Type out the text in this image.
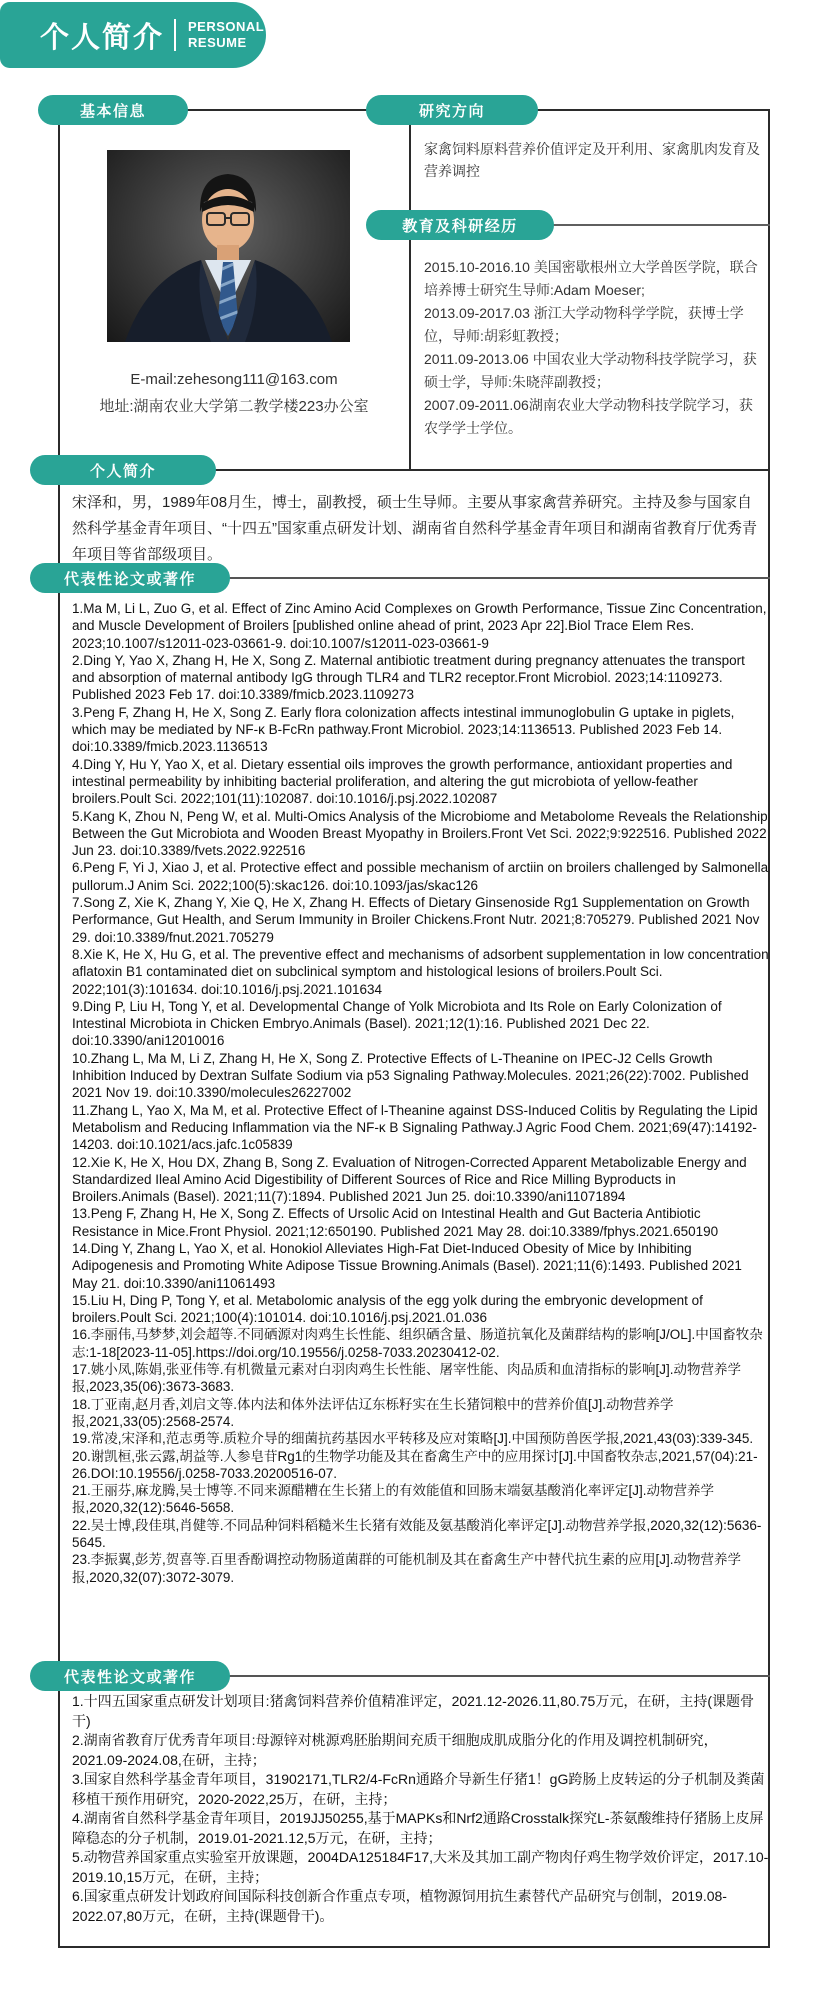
个人简介 PERSONAL
RESUME
基本信息	研究方向
教育及科研经历
个人简介
代表性论文或著作
代表性论文或著作
E-mail:zehesong111@163.com
地址:湖南农业大学第二教学楼223办公室
家禽饲料原料营养价值评定及开利用、家禽肌肉发育及营养调控
2015.10-2016.10 美国密歇根州立大学兽医学院，联合培养博士研究生导师:Adam Moeser;
2013.09-2017.03 浙江大学动物科学学院，获博士学位，导师:胡彩虹教授；
2011.09-2013.06 中国农业大学动物科技学院学习，获硕士学，导师:朱晓萍副教授；
2007.09-2011.06湖南农业大学动物科技学院学习，获农学学士学位。
宋泽和，男，1989年08月生，博士，副教授，硕士生导师。主要从事家禽营养研究。主持及参与国家自然科学基金青年项目、“十四五”国家重点研发计划、湖南省自然科学基金青年项目和湖南省教育厅优秀青年项目等省部级项目。
1.Ma M, Li L, Zuo G, et al. Effect of Zinc Amino Acid Complexes on Growth Performance, Tissue Zinc Concentration, and Muscle Development of Broilers [published online ahead of print, 2023 Apr 22].Biol Trace Elem Res. 2023;10.1007/s12011-023-03661-9. doi:10.1007/s12011-023-03661-9
2.Ding Y, Yao X, Zhang H, He X, Song Z. Maternal antibiotic treatment during pregnancy attenuates the transport and absorption of maternal antibody IgG through TLR4 and TLR2 receptor.Front Microbiol. 2023;14:1109273. Published 2023 Feb 17. doi:10.3389/fmicb.2023.1109273
3.Peng F, Zhang H, He X, Song Z. Early flora colonization affects intestinal immunoglobulin G uptake in piglets, which may be mediated by NF-κ B-FcRn pathway.Front Microbiol. 2023;14:1136513. Published 2023 Feb 14. doi:10.3389/fmicb.2023.1136513
4.Ding Y, Hu Y, Yao X, et al. Dietary essential oils improves the growth performance, antioxidant properties and intestinal permeability by inhibiting bacterial proliferation, and altering the gut microbiota of yellow-feather broilers.Poult Sci. 2022;101(11):102087. doi:10.1016/j.psj.2022.102087
5.Kang K, Zhou N, Peng W, et al. Multi-Omics Analysis of the Microbiome and Metabolome Reveals the Relationship Between the Gut Microbiota and Wooden Breast Myopathy in Broilers.Front Vet Sci. 2022;9:922516. Published 2022 Jun 23. doi:10.3389/fvets.2022.922516
6.Peng F, Yi J, Xiao J, et al. Protective effect and possible mechanism of arctiin on broilers challenged by Salmonella pullorum.J Anim Sci. 2022;100(5):skac126. doi:10.1093/jas/skac126
7.Song Z, Xie K, Zhang Y, Xie Q, He X, Zhang H. Effects of Dietary Ginsenoside Rg1 Supplementation on Growth Performance, Gut Health, and Serum Immunity in Broiler Chickens.Front Nutr. 2021;8:705279. Published 2021 Nov 29. doi:10.3389/fnut.2021.705279
8.Xie K, He X, Hu G, et al. The preventive effect and mechanisms of adsorbent supplementation in low concentration aflatoxin B1 contaminated diet on subclinical symptom and histological lesions of broilers.Poult Sci. 2022;101(3):101634. doi:10.1016/j.psj.2021.101634
9.Ding P, Liu H, Tong Y, et al. Developmental Change of Yolk Microbiota and Its Role on Early Colonization of Intestinal Microbiota in Chicken Embryo.Animals (Basel). 2021;12(1):16. Published 2021 Dec 22. doi:10.3390/ani12010016
10.Zhang L, Ma M, Li Z, Zhang H, He X, Song Z. Protective Effects of L-Theanine on IPEC-J2 Cells Growth Inhibition Induced by Dextran Sulfate Sodium via p53 Signaling Pathway.Molecules. 2021;26(22):7002. Published 2021 Nov 19. doi:10.3390/molecules26227002
11.Zhang L, Yao X, Ma M, et al. Protective Effect of l-Theanine against DSS-Induced Colitis by Regulating the Lipid Metabolism and Reducing Inflammation via the NF-κ B Signaling Pathway.J Agric Food Chem. 2021;69(47):14192-14203. doi:10.1021/acs.jafc.1c05839
12.Xie K, He X, Hou DX, Zhang B, Song Z. Evaluation of Nitrogen-Corrected Apparent Metabolizable Energy and Standardized Ileal Amino Acid Digestibility of Different Sources of Rice and Rice Milling Byproducts in Broilers.Animals (Basel). 2021;11(7):1894. Published 2021 Jun 25. doi:10.3390/ani11071894
13.Peng F, Zhang H, He X, Song Z. Effects of Ursolic Acid on Intestinal Health and Gut Bacteria Antibiotic Resistance in Mice.Front Physiol. 2021;12:650190. Published 2021 May 28. doi:10.3389/fphys.2021.650190
14.Ding Y, Zhang L, Yao X, et al. Honokiol Alleviates High-Fat Diet-Induced Obesity of Mice by Inhibiting Adipogenesis and Promoting White Adipose Tissue Browning.Animals (Basel). 2021;11(6):1493. Published 2021 May 21. doi:10.3390/ani11061493
15.Liu H, Ding P, Tong Y, et al. Metabolomic analysis of the egg yolk during the embryonic development of broilers.Poult Sci. 2021;100(4):101014. doi:10.1016/j.psj.2021.01.036
16.李丽伟,马梦梦,刘会超等.不同硒源对肉鸡生长性能、组织硒含量、肠道抗氧化及菌群结构的影响[J/OL].中国畜牧杂志:1-18[2023-11-05].https://doi.org/10.19556/j.0258-7033.20230412-02.
17.姚小凤,陈娟,张亚伟等.有机微量元素对白羽肉鸡生长性能、屠宰性能、肉品质和血清指标的影响[J].动物营养学报,2023,35(06):3673-3683.
18.丁亚南,赵月香,刘启文等.体内法和体外法评估辽东栎籽实在生长猪饲粮中的营养价值[J].动物营养学报,2021,33(05):2568-2574.
19.常凌,宋泽和,范志勇等.质粒介导的细菌抗药基因水平转移及应对策略[J].中国预防兽医学报,2021,43(03):339-345.
20.谢凯桓,张云露,胡益等.人参皂苷Rg1的生物学功能及其在畜禽生产中的应用探讨[J].中国畜牧杂志,2021,57(04):21-26.DOI:10.19556/j.0258-7033.20200516-07.
21.王丽芬,麻龙腾,吴士博等.不同来源醋糟在生长猪上的有效能值和回肠末端氨基酸消化率评定[J].动物营养学报,2020,32(12):5646-5658.
22.吴士博,段佳琪,肖健等.不同品种饲料稻糙米生长猪有效能及氨基酸消化率评定[J].动物营养学报,2020,32(12):5636-5645.
23.李振翼,彭芳,贺喜等.百里香酚调控动物肠道菌群的可能机制及其在畜禽生产中替代抗生素的应用[J].动物营养学报,2020,32(07):3072-3079.
1.十四五国家重点研发计划项目:猪禽饲料营养价值精准评定，2021.12-2026.11,80.75万元，在研，主持(课题骨干)
2.湖南省教育厅优秀青年项目:母源锌对桃源鸡胚胎期间充质干细胞成肌成脂分化的作用及调控机制研究，2021.09-2024.08,在研，主持；
3.国家自然科学基金青年项目，31902171,TLR2/4-FcRn通路介导新生仔猪1！gG跨肠上皮转运的分子机制及粪菌移植干预作用研究，2020-2022,25万，在研，主持；
4.湖南省自然科学基金青年项目，2019JJ50255,基于MAPKs和Nrf2通路Crosstalk探究L-茶氨酸维持仔猪肠上皮屏障稳态的分子机制，2019.01-2021.12,5万元，在研，主持；
5.动物营养国家重点实验室开放课题，2004DA125184F17,大米及其加工副产物肉仔鸡生物学效价评定，2017.10-2019.10,15万元，在研，主持；
6.国家重点研发计划政府间国际科技创新合作重点专项，植物源饲用抗生素替代产品研究与创制，2019.08-2022.07,80万元，在研，主持(课题骨干)。
